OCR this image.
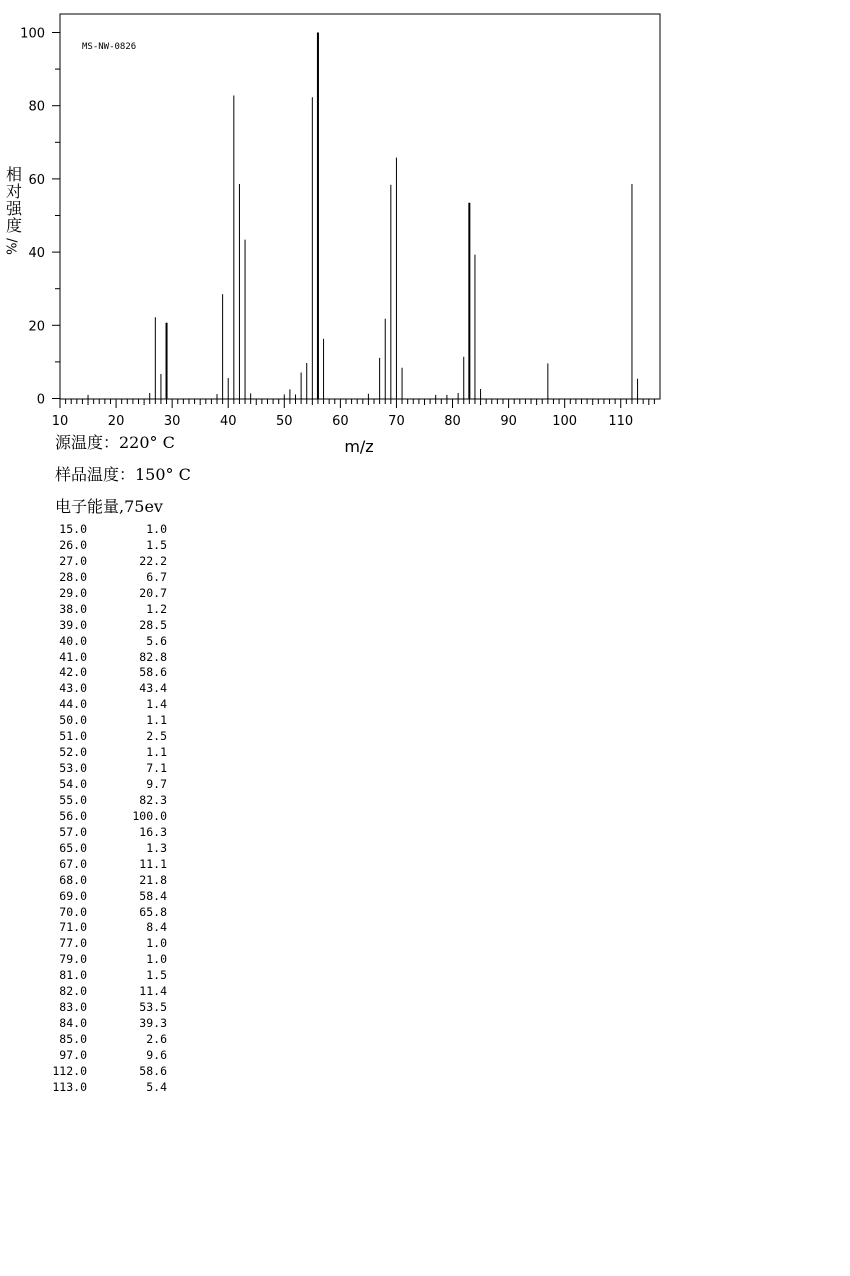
MS-NW-0826
0
20
40
60
80
100
10	20	30	40	50	60	70	80	90	100 110
m/z
相
对
强
度
%/
源温度：220° C
样品温度：150° C
电子能量,75ev
15.0	1.0
26.0	1.5
27.0	22.2
28.0	6.7
29.0	20.7
38.0	1.2
39.0	28.5
40.0	5.6
41.0	82.8
42.0	58.6
43.0	43.4
44.0	1.4
50.0	1.1
51.0	2.5
52.0	1.1
53.0	7.1
54.0	9.7
55.0	82.3
56.0	100.0
57.0	16.3
65.0	1.3
67.0	11.1
68.0	21.8
69.0	58.4
70.0	65.8
71.0	8.4
77.0	1.0
79.0	1.0
81.0	1.5
82.0	11.4
83.0	53.5
84.0	39.3
85.0	2.6
97.0	9.6
112.0	58.6
113.0	5.4
